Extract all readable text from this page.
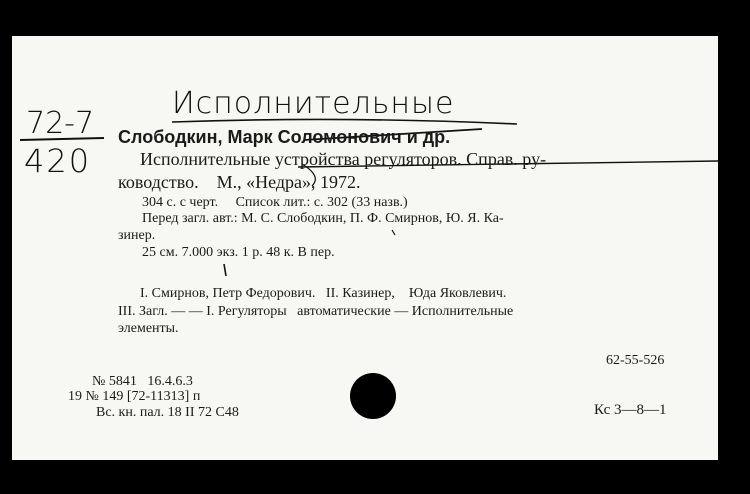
Исполнительные
72-7
420
Слободкин, Марк Соломонович и др.
Исполнительные устройства регуляторов. Справ. ру-
ководство.    М., «Недра», 1972.
304 с. с черт.     Список лит.: с. 302 (33 назв.)
Перед загл. авт.: М. С. Слободкин, П. Ф. Смирнов, Ю. Я. Ка-
зинер.
25 см. 7.000 экз. 1 р. 48 к. В пер.
I. Смирнов, Петр Федорович.   II. Казинер,    Юда Яковлевич.
III. Загл. — — I. Регуляторы   автоматические — Исполнительные
элементы.
62-55-526
№ 5841   16.4.6.3
19 № 149 [72-11313] п
Вс. кн. пал. 18 II 72 C48	Кс 3—8—1
